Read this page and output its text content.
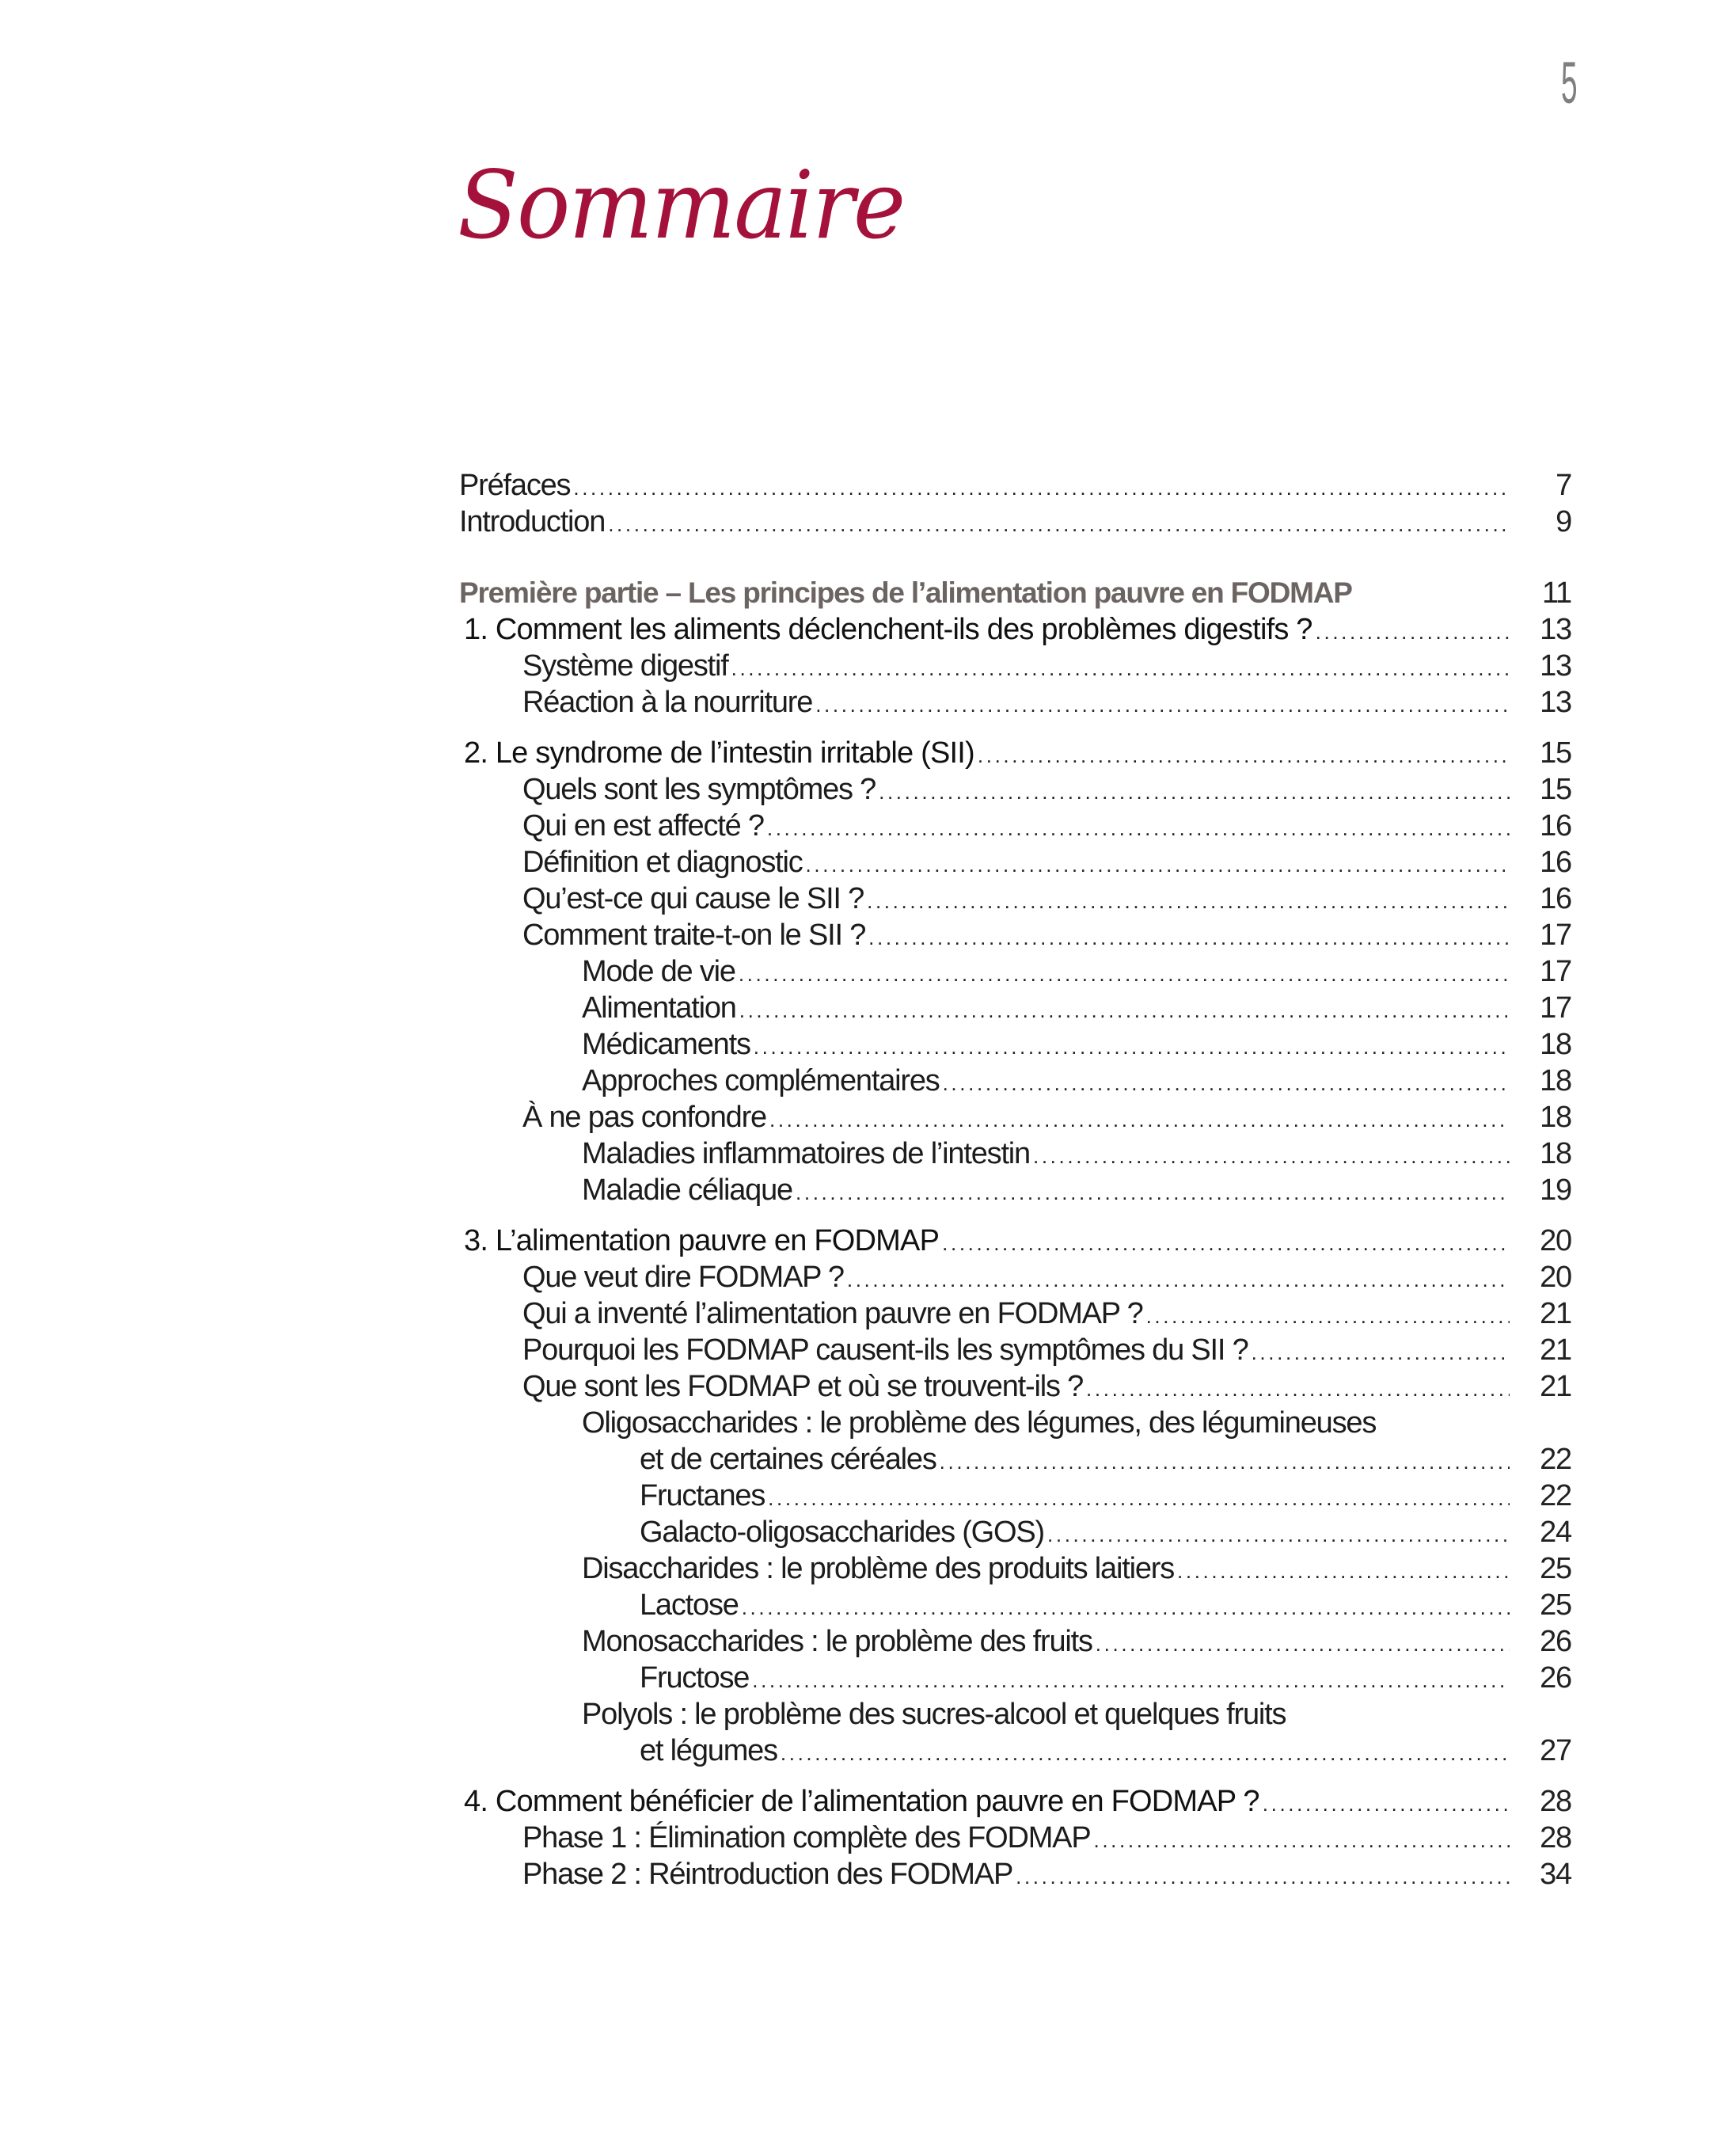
5
Sommaire
Préfaces . . .	7
Introduction . . .	9
Première partie – Les principes de l’alimentation pauvre en FODMAP	11
1. Comment les aliments déclenchent-ils des problèmes digestifs ? . . .	13
Système digestif . . .	13
Réaction à la nourriture . . .	13
2. Le syndrome de l’intestin irritable (SII) . . .	15
Quels sont les symptômes ? . . .	15
Qui en est affecté ? . . .	16
Définition et diagnostic . . .	16
Qu’est-ce qui cause le SII ? . . .	16
Comment traite-t-on le SII ? . . .	17
Mode de vie . . .	17
Alimentation . . .	17
Médicaments . . .	18
Approches complémentaires . . .	18
À ne pas confondre . . .	18
Maladies inflammatoires de l’intestin . . .	18
Maladie céliaque . . .	19
3. L’alimentation pauvre en FODMAP . . .	20
Que veut dire FODMAP ? . . .	20
Qui a inventé l’alimentation pauvre en FODMAP ? . . .	21
Pourquoi les FODMAP causent-ils les symptômes du SII ? . . .	21
Que sont les FODMAP et où se trouvent-ils ? . . .	21
Oligosaccharides : le problème des légumes, des légumineuses
et de certaines céréales . . .	22
Fructanes . . .	22
Galacto-oligosaccharides (GOS) . . .	24
Disaccharides : le problème des produits laitiers . . .	25
Lactose . . .	25
Monosaccharides : le problème des fruits . . .	26
Fructose . . .	26
Polyols : le problème des sucres-alcool et quelques fruits
et légumes . . .	27
4. Comment bénéficier de l’alimentation pauvre en FODMAP ? . . .	28
Phase 1 : Élimination complète des FODMAP . . .	28
Phase 2 : Réintroduction des FODMAP . . .	34
